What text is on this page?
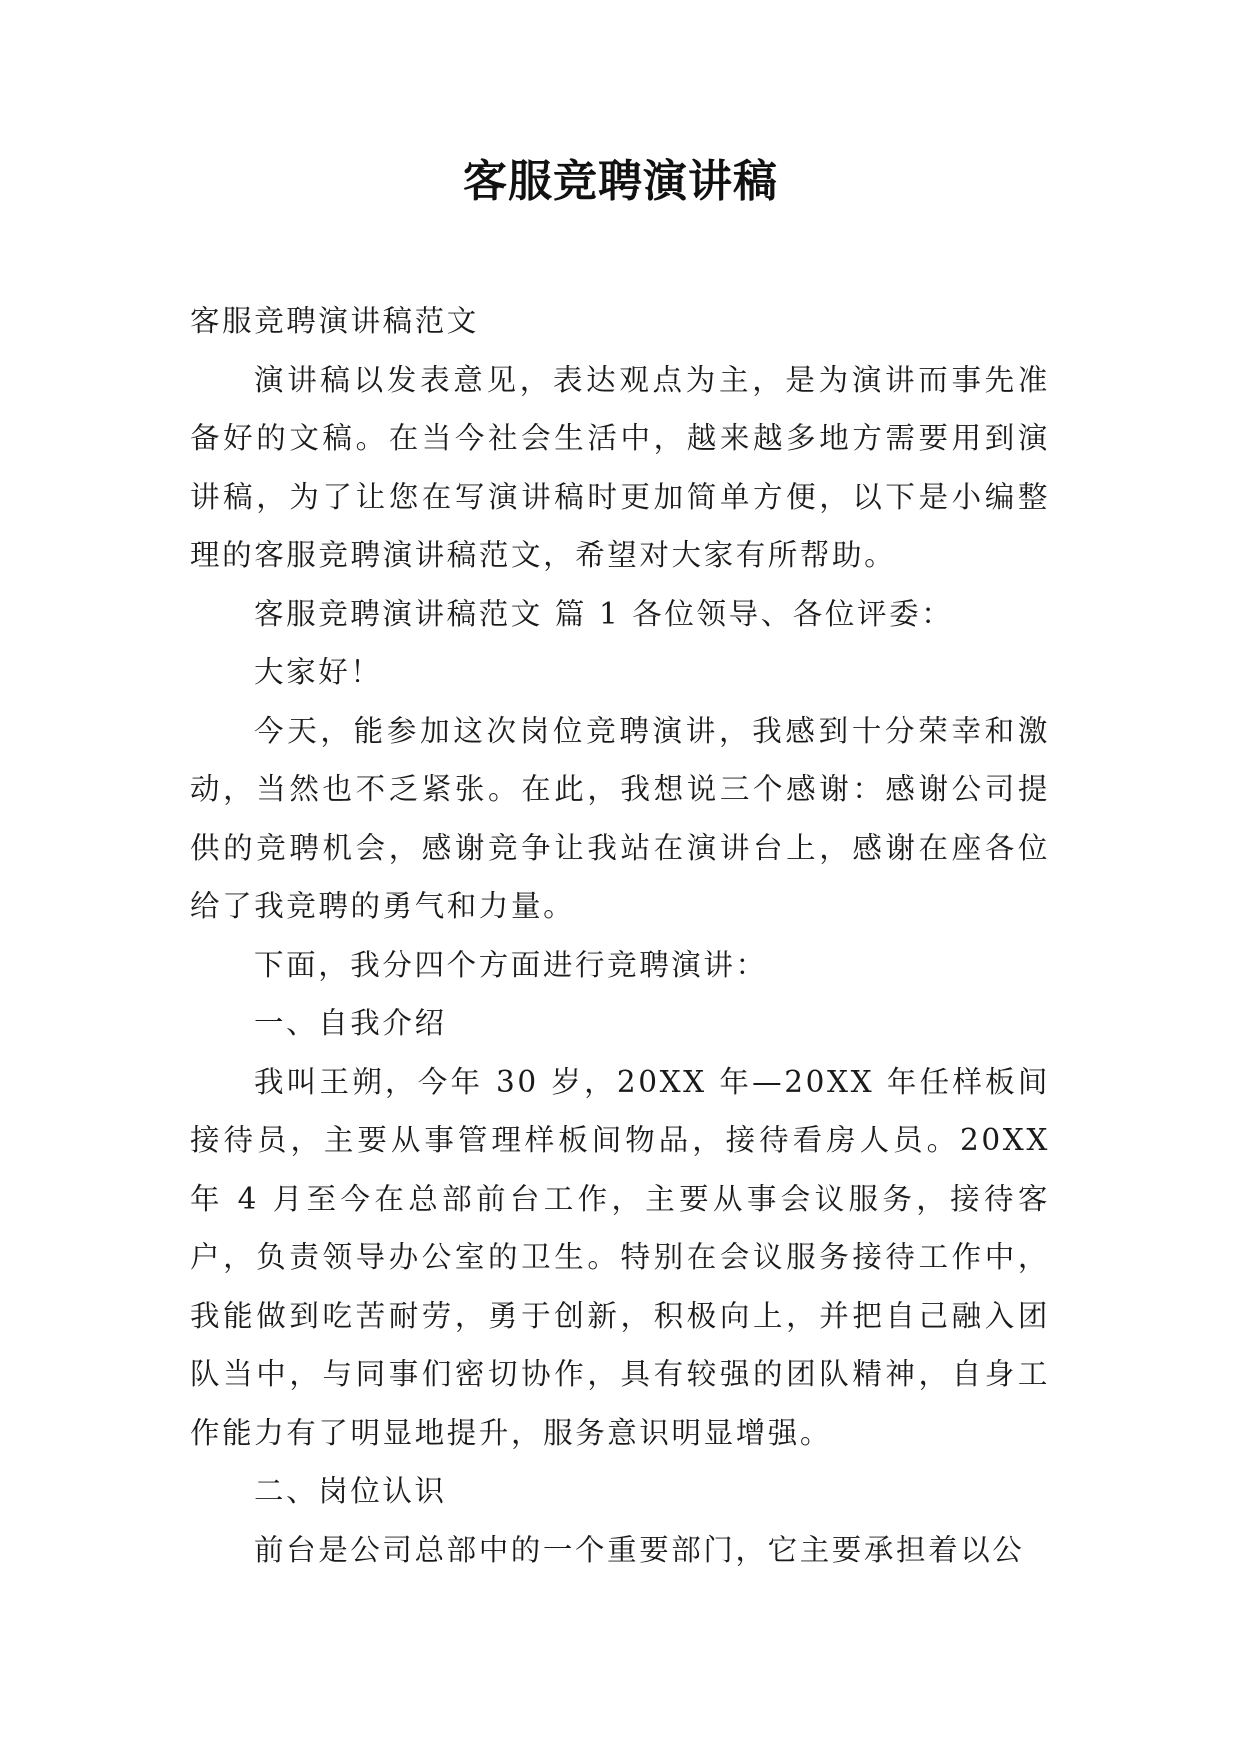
客服竞聘演讲稿

客服竞聘演讲稿范文

演讲稿以发表意见，表达观点为主，是为演讲而事先准备好的文稿。在当今社会生活中，越来越多地方需要用到演讲稿，为了让您在写演讲稿时更加简单方便，以下是小编整理的客服竞聘演讲稿范文，希望对大家有所帮助。

客服竞聘演讲稿范文 篇 1 各位领导、各位评委：

大家好！

今天，能参加这次岗位竞聘演讲，我感到十分荣幸和激动，当然也不乏紧张。在此，我想说三个感谢：感谢公司提供的竞聘机会，感谢竞争让我站在演讲台上，感谢在座各位给了我竞聘的勇气和力量。

下面，我分四个方面进行竞聘演讲：

一、自我介绍

我叫王朔，今年 30 岁，20XX 年—20XX 年任样板间接待员，主要从事管理样板间物品，接待看房人员。20XX 年 4 月至今在总部前台工作，主要从事会议服务，接待客户，负责领导办公室的卫生。特别在会议服务接待工作中，我能做到吃苦耐劳，勇于创新，积极向上，并把自己融入团队当中，与同事们密切协作，具有较强的团队精神，自身工作能力有了明显地提升，服务意识明显增强。

二、岗位认识

前台是公司总部中的一个重要部门，它主要承担着以公
